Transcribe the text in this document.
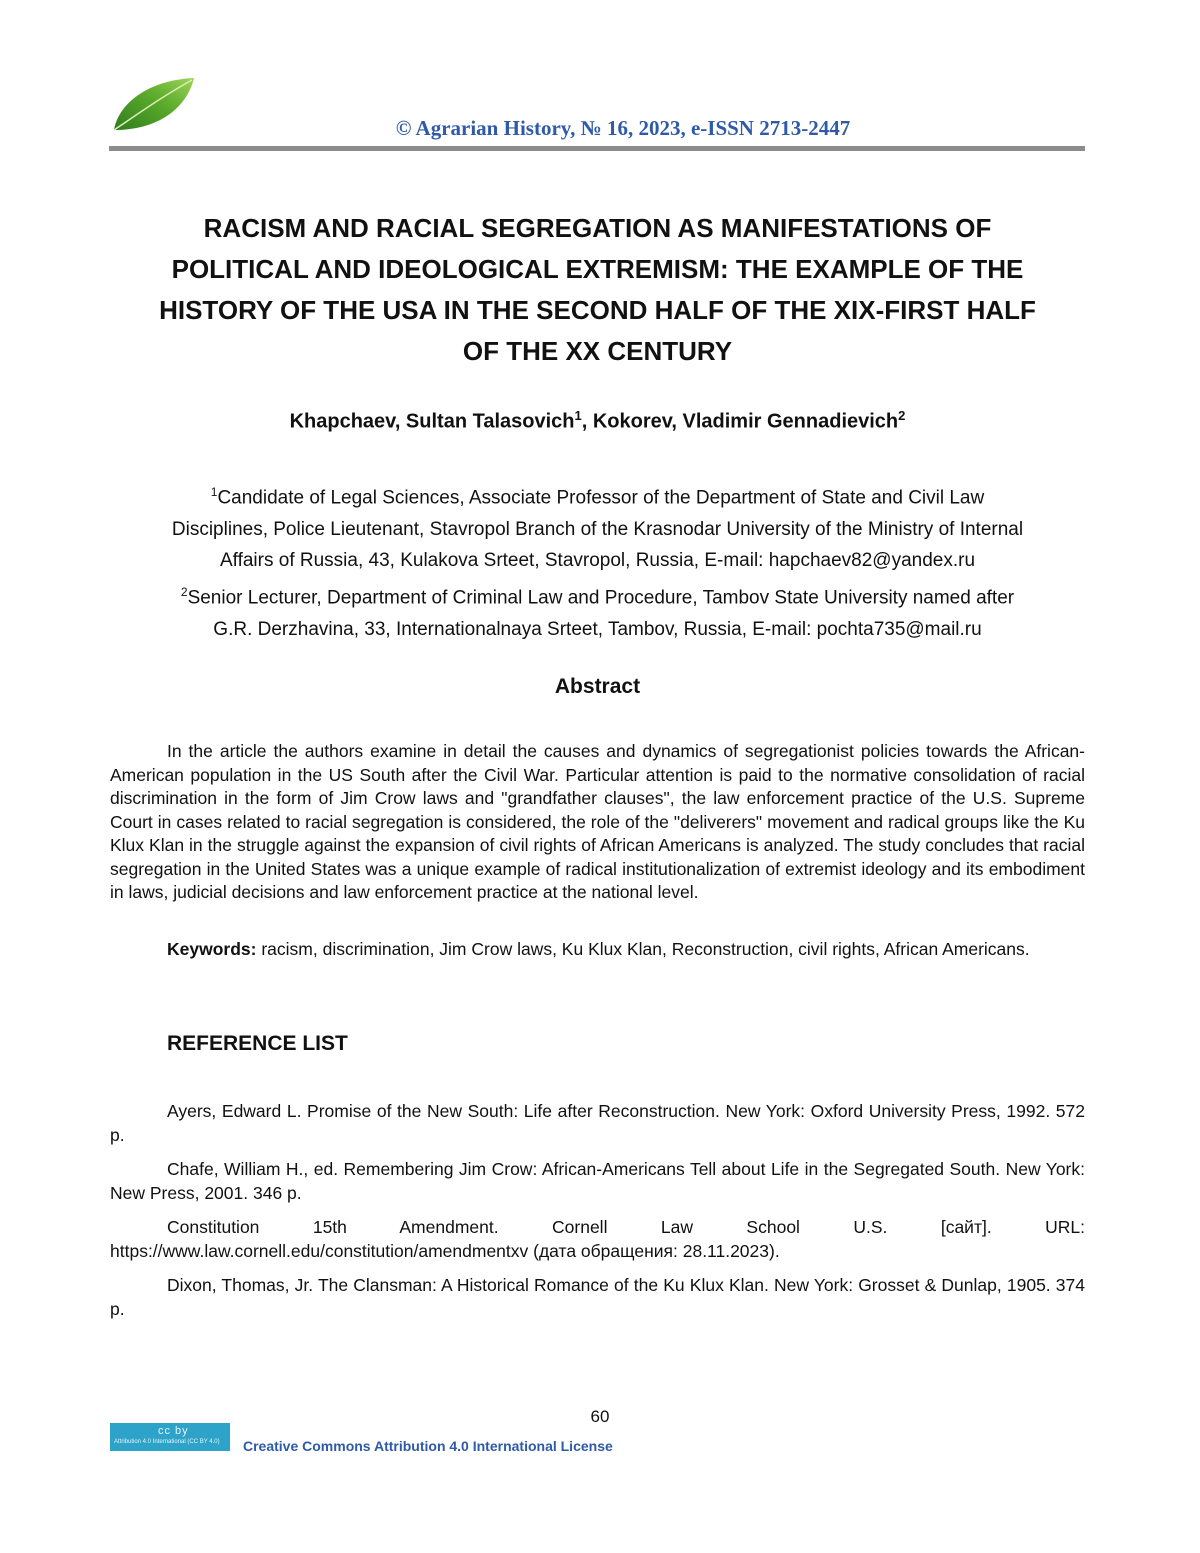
© Agrarian History, № 16, 2023, e-ISSN 2713-2447
RACISM AND RACIAL SEGREGATION AS MANIFESTATIONS OF
POLITICAL AND IDEOLOGICAL EXTREMISM: THE EXAMPLE OF THE
HISTORY OF THE USA IN THE SECOND HALF OF THE XIX-FIRST HALF
OF THE XX CENTURY
Khapchaev, Sultan Talasovich$^1$, Kokorev, Vladimir Gennadievich$^2$
$^1$Candidate of Legal Sciences, Associate Professor of the Department of State and Civil Law
Disciplines, Police Lieutenant, Stavropol Branch of the Krasnodar University of the Ministry of Internal
Affairs of Russia, 43, Kulakova Srteet, Stavropol, Russia, E-mail: hapchaev82@yandex.ru
$^2$Senior Lecturer, Department of Criminal Law and Procedure, Tambov State University named after
G.R. Derzhavina, 33, Internationalnaya Srteet, Tambov, Russia, E-mail: pochta735@mail.ru
Abstract

In the article the authors examine in detail the causes and dynamics of segregationist policies towards the African-American population in the US South after the Civil War. Particular attention is paid to the normative consolidation of racial discrimination in the form of Jim Crow laws and "grandfather clauses", the law enforcement practice of the U.S. Supreme Court in cases related to racial segregation is considered, the role of the "deliverers" movement and radical groups like the Ku Klux Klan in the struggle against the expansion of civil rights of African Americans is analyzed. The study concludes that racial segregation in the United States was a unique example of radical institutionalization of extremist ideology and its embodiment in laws, judicial decisions and law enforcement practice at the national level.

Keywords: racism, discrimination, Jim Crow laws, Ku Klux Klan, Reconstruction, civil rights, African Americans.

REFERENCE LIST

Ayers, Edward L. Promise of the New South: Life after Reconstruction. New York: Oxford University Press, 1992. 572 p.

Chafe, William H., ed. Remembering Jim Crow: African-Americans Tell about Life in the Segregated South. New York: New Press, 2001. 346 p.

Constitution 15th Amendment. Cornell Law School U.S. [сайт]. URL: https://www.law.cornell.edu/constitution/amendmentxv (дата обращения: 28.11.2023).

Dixon, Thomas, Jr. The Clansman: A Historical Romance of the Ku Klux Klan. New York: Grosset & Dunlap, 1905. 374 p.

60
cc by
Attribution 4.0 International (CC BY 4.0) Creative Commons Attribution 4.0 International License
